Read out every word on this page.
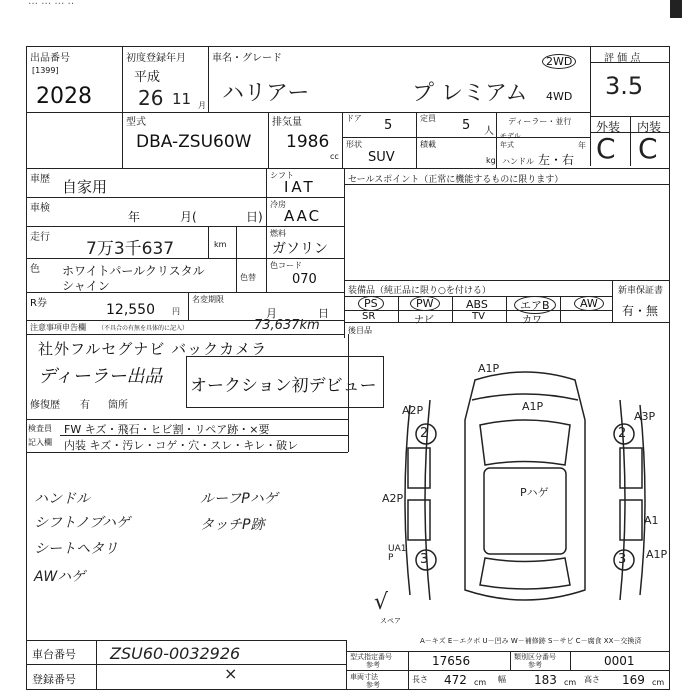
… … … ‥
出品番号
[1399]
2028
初度登録年月
平成
26 11 月
車名・グレード
ハリアー	プ レミアム
2WD
4WD
評 価 点
3.5
外装 内装
C C
型式
DBA-ZSU60W
排気量
1986
cc
ドア 5	定員 5 人
ディーラー・並行
モデル年式	年
形状
SUV
積載
kg ハンドル 左・右
車歴 自家用
シフト
IAT	セールスポイント（正常に機能するものに限ります）
車検
年	月(	日)
冷房
AAC
走行
7万3千637	km
燃料
ガソリン
色 ホワイトパールクリスタル
シャイン
色替
色コード
070
装備品（純正品に限り○を付ける）	新車保証書
有・無
PS	PW	ABS	エアB	AW
SR	ナビ	TV	カワ
後目品
R券	12,550 円
名変期限
月	日
注意事項申告欄 （不具合の有無を具体的に記入）	73,637km
社外フルセグナビ バックカメラ
ディーラー出品 オークション初デビュー
修復歴 有 箇所
検査員
記入欄
FW キズ・飛石・ヒビ割・リペア跡・×要
内装 キズ・汚レ・コゲ・穴・スレ・キレ・破レ
ハンドル
シフトノブハゲ
シートヘタリ
AWハゲ
ルーフPハゲ
タッチP跡
2	2
3	3
A1P
A1P
A2P	A3P
Pハゲ
A2P
A1
UA1P	A1P
√
スペア
A－キズ E－エクボ U－凹み W－補修跡 S－サビ C－腐食 XX－交換済
車台番号 ZSU60-0032926
登録番号	×
型式指定番号
参考	17656	類別区分番号
参考	0001
車両寸法
参考
長さ 472 cm 幅 183 cm 高さ 169 cm
